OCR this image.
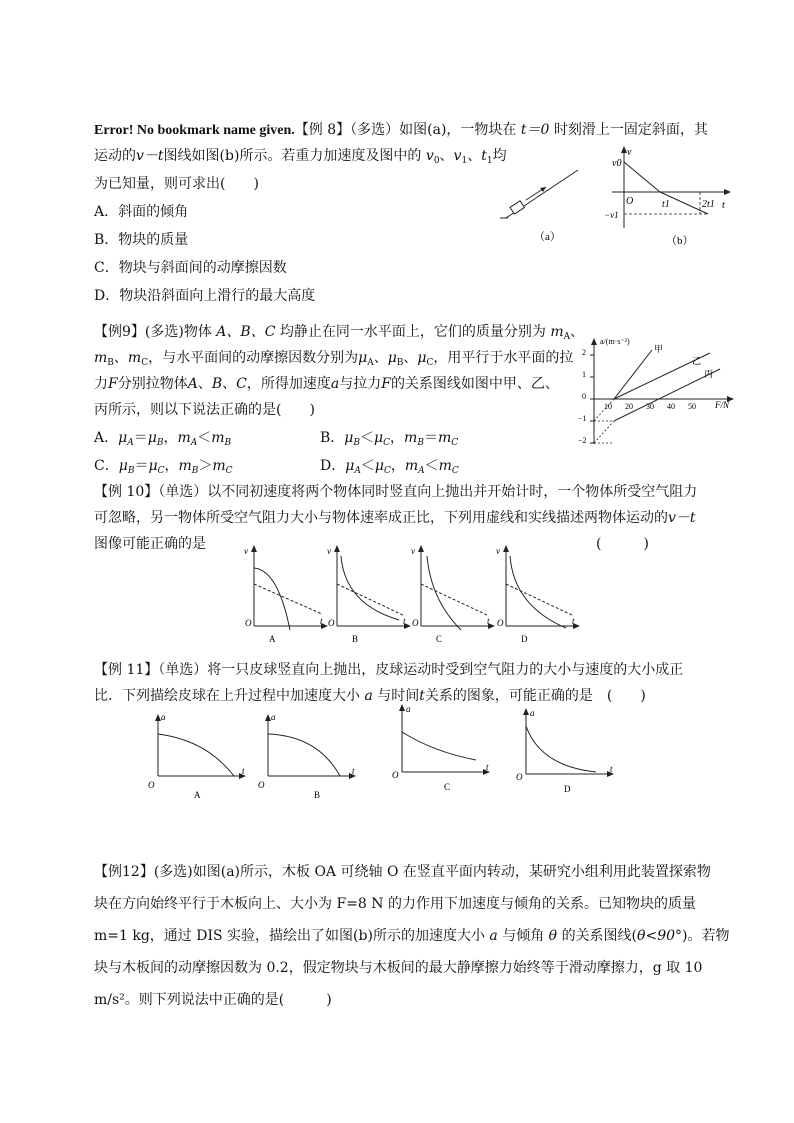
Error! No bookmark name given.【例 8】（多选）如图(a)，一物块在 t＝0 时刻滑上一固定斜面，其
运动的v－t图线如图(b)所示。若重力加速度及图中的 $v_0$、$v_1$、$t_1$均
为已知量，则可求出(　　)
A．斜面的倾角
B．物块的质量
C．物块与斜面间的动摩擦因数
D．物块沿斜面向上滑行的最大高度
（a）
v
v0
O
−v1
t1	2t1 t
（b）
【例9】(多选)物体 A、B、C 均静止在同一水平面上，它们的质量分别为 $m_A$、
$m_B$、$m_C$，与水平面间的动摩擦因数分别为$\mu_A$、$\mu_B$、$\mu_C$，用平行于水平面的拉
力F分别拉物体A、B、C，所得加速度a与拉力F的关系图线如图中甲、乙、
丙所示，则以下说法正确的是(　　)
A．$\mu_A=\mu_B$，$m_A<m_B$	B．$\mu_B<\mu_C$，$m_B=m_C$
C．$\mu_B=\mu_C$，$m_B>m_C$	D．$\mu_A<\mu_C$，$m_A<m_C$
a/(m·s⁻²)
F/N
2
1
0
−1
−2
10 20 30 40 50
甲
乙
丙
【例 10】（单选）以不同初速度将两个物体同时竖直向上抛出并开始计时，一个物体所受空气阻力
可忽略，另一物体所受空气阻力大小与物体速率成正比，下列用虚线和实线描述两物体运动的v－t
图像可能正确的是	(　　　)
v
t
O
A
v
t
O
B
v
t
O
C
v
t
O
D
【例 11】（单选）将一只皮球竖直向上抛出，皮球运动时受到空气阻力的大小与速度的大小成正
比．下列描绘皮球在上升过程中加速度大小 a 与时间t关系的图象，可能正确的是　(　　)
a
t
O
A
a
t
O
B
a
t
O
C
a
t
O
D
【例12】(多选)如图(a)所示，木板 OA 可绕轴 O 在竖直平面内转动，某研究小组利用此装置探索物
块在方向始终平行于木板向上、大小为 F=8 N 的力作用下加速度与倾角的关系。已知物块的质量
m=1 kg，通过 DIS 实验，描绘出了如图(b)所示的加速度大小 a 与倾角 θ 的关系图线(θ<90°)。若物
块与木板间的动摩擦因数为 0.2，假定物块与木板间的最大静摩擦力始终等于滑动摩擦力，g 取 10
m/s²。则下列说法中正确的是(　　　)
